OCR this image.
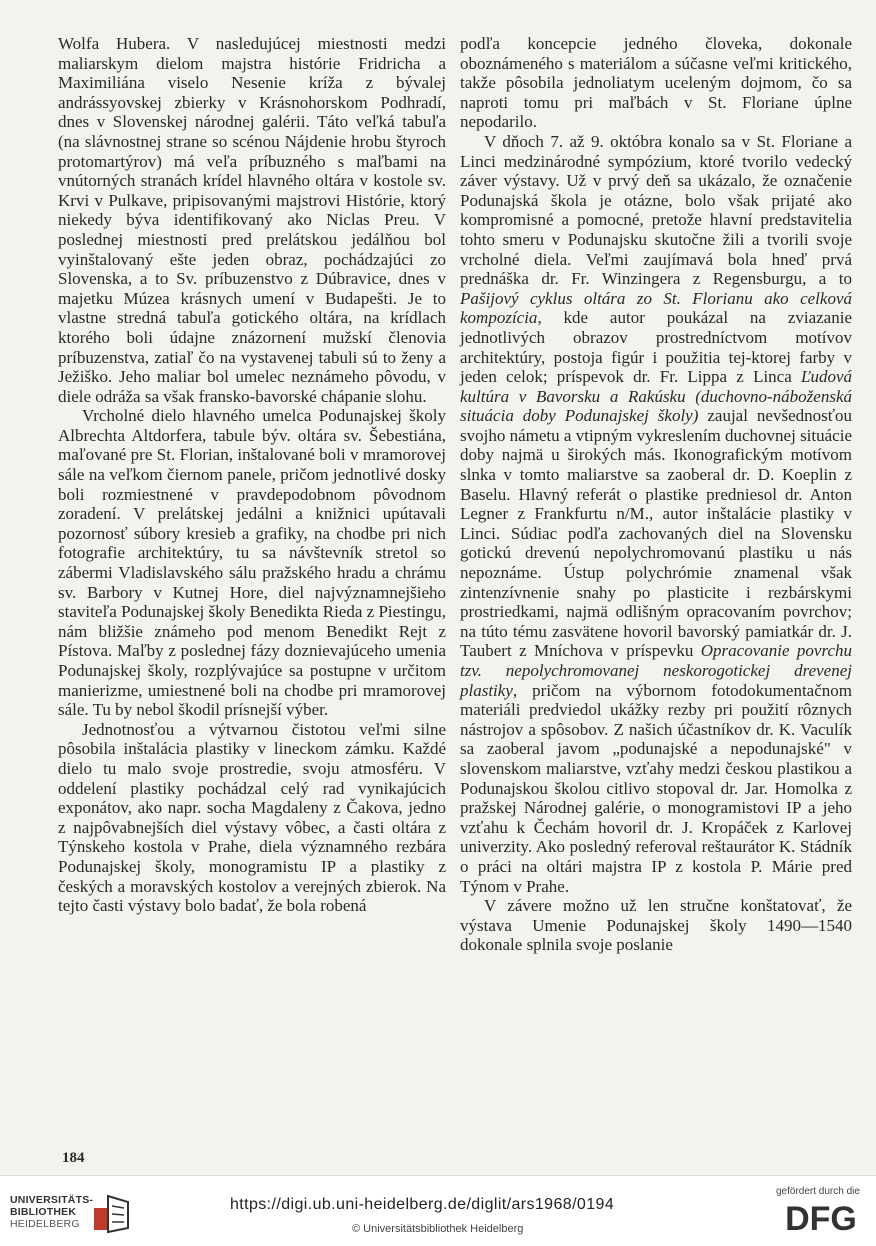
Wolfa Hubera. V nasledujúcej miestnosti medzi maliarskym dielom majstra histórie Fridricha a Maximiliána viselo Nesenie kríža z bývalej andrássyovskej zbierky v Krásnohorskom Podhradí, dnes v Slovenskej národnej galérii. Táto veľká tabuľa (na slávnostnej strane so scénou Nájdenie hrobu štyroch protomartýrov) má veľa príbuzného s maľbami na vnútorných stranách krídel hlavného oltára v kostole sv. Krvi v Pulkave, pripisovanými majstrovi Histórie, ktorý niekedy býva identifikovaný ako Niclas Preu. V poslednej miestnosti pred prelátskou jedálňou bol vyinštalovaný ešte jeden obraz, pochádzajúci zo Slovenska, a to Sv. príbuzenstvo z Dúbravice, dnes v majetku Múzea krásnych umení v Budapešti. Je to vlastne stredná tabuľa gotického oltára, na krídlach ktorého boli údajne znázornení mužskí členovia príbuzenstva, zatiaľ čo na vystavenej tabuli sú to ženy a Ježiško. Jeho maliar bol umelec neznámeho pôvodu, v diele odráža sa však fransko-bavorské chápanie slohu.

Vrcholné dielo hlavného umelca Podunajskej školy Albrechta Altdorfera, tabule býv. oltára sv. Šebestiána, maľované pre St. Florian, inštalované boli v mramorovej sále na veľkom čiernom panele, pričom jednotlivé dosky boli rozmiestnené v pravdepodobnom pôvodnom zoradení. V prelátskej jedálni a knižnici upútavali pozornosť súbory kresieb a grafiky, na chodbe pri nich fotografie architektúry, tu sa návštevník stretol so zábermi Vladislavského sálu pražského hradu a chrámu sv. Barbory v Kutnej Hore, diel najvýznamnejšieho staviteľa Podunajskej školy Benedikta Rieda z Piestingu, nám bližšie známeho pod menom Benedikt Rejt z Pístova. Maľby z poslednej fázy doznievajúceho umenia Podunajskej školy, rozplývajúce sa postupne v určitom manierizme, umiestnené boli na chodbe pri mramorovej sále. Tu by nebol škodil prísnejší výber.

Jednotnosťou a výtvarnou čistotou veľmi silne pôsobila inštalácia plastiky v lineckom zámku. Každé dielo tu malo svoje prostredie, svoju atmosféru. V oddelení plastiky pochádzal celý rad vynikajúcich exponátov, ako napr. socha Magdaleny z Čakova, jedno z najpôvabnejších diel výstavy vôbec, a časti oltára z Týnskeho kostola v Prahe, diela významného rezbára Podunajskej školy, monogramistu IP a plastiky z českých a moravských kostolov a verejných zbierok. Na tejto časti výstavy bolo badať, že bola robená

podľa koncepcie jedného človeka, dokonale oboznámeného s materiálom a súčasne veľmi kritického, takže pôsobila jednoliatym uceleným dojmom, čo sa naproti tomu pri maľbách v St. Floriane úplne nepodarilo.

V dňoch 7. až 9. októbra konalo sa v St. Floriane a Linci medzinárodné sympózium, ktoré tvorilo vedecký záver výstavy. Už v prvý deň sa ukázalo, že označenie Podunajská škola je otázne, bolo však prijaté ako kompromisné a pomocné, pretože hlavní predstavitelia tohto smeru v Podunajsku skutočne žili a tvorili svoje vrcholné diela. Veľmi zaujímavá bola hneď prvá prednáška dr. Fr. Winzingera z Regensburgu, a to Pašijový cyklus oltára zo St. Florianu ako celková kompozícia, kde autor poukázal na zviazanie jednotlivých obrazov prostredníctvom motívov architektúry, postoja figúr i použitia tej-ktorej farby v jeden celok; príspevok dr. Fr. Lippa z Linca Ľudová kultúra v Bavorsku a Rakúsku (duchovno-náboženská situácia doby Podunajskej školy) zaujal nevšednosťou svojho námetu a vtipným vykreslením duchovnej situácie doby najmä u širokých más. Ikonografickým motívom slnka v tomto maliarstve sa zaoberal dr. D. Koeplin z Baselu. Hlavný referát o plastike predniesol dr. Anton Legner z Frankfurtu n/M., autor inštalácie plastiky v Linci. Súdiac podľa zachovaných diel na Slovensku gotickú drevenú nepolychromovanú plastiku u nás nepoznáme. Ústup polychrómie znamenal však zintenzívnenie snahy po plasticite i rezbárskymi prostriedkami, najmä odlišným opracovaním povrchov; na túto tému zasvätene hovoril bavorský pamiatkár dr. J. Taubert z Mníchova v príspevku Opracovanie povrchu tzv. nepolychromovanej neskorogotickej drevenej plastiky, pričom na výbornom fotodokumentačnom materiáli predviedol ukážky rezby pri použití rôznych nástrojov a spôsobov. Z našich účastníkov dr. K. Vaculík sa zaoberal javom „podunajské a nepodunajské" v slovenskom maliarstve, vzťahy medzi českou plastikou a Podunajskou školou citlivo stopoval dr. Jar. Homolka z pražskej Národnej galérie, o monogramistovi IP a jeho vzťahu k Čechám hovoril dr. J. Kropáček z Karlovej univerzity. Ako posledný referoval reštaurátor K. Stádník o práci na oltári majstra IP z kostola P. Márie pred Týnom v Prahe.

V závere možno už len stručne konštatovať, že výstava Umenie Podunajskej školy 1490—1540 dokonale splnila svoje poslanie

184
UNIVERSITÄTS-
BIBLIOTHEK
HEIDELBERG
https://digi.ub.uni-heidelberg.de/diglit/ars1968/0194
© Universitätsbibliothek Heidelberg
gefördert durch die
DFG
